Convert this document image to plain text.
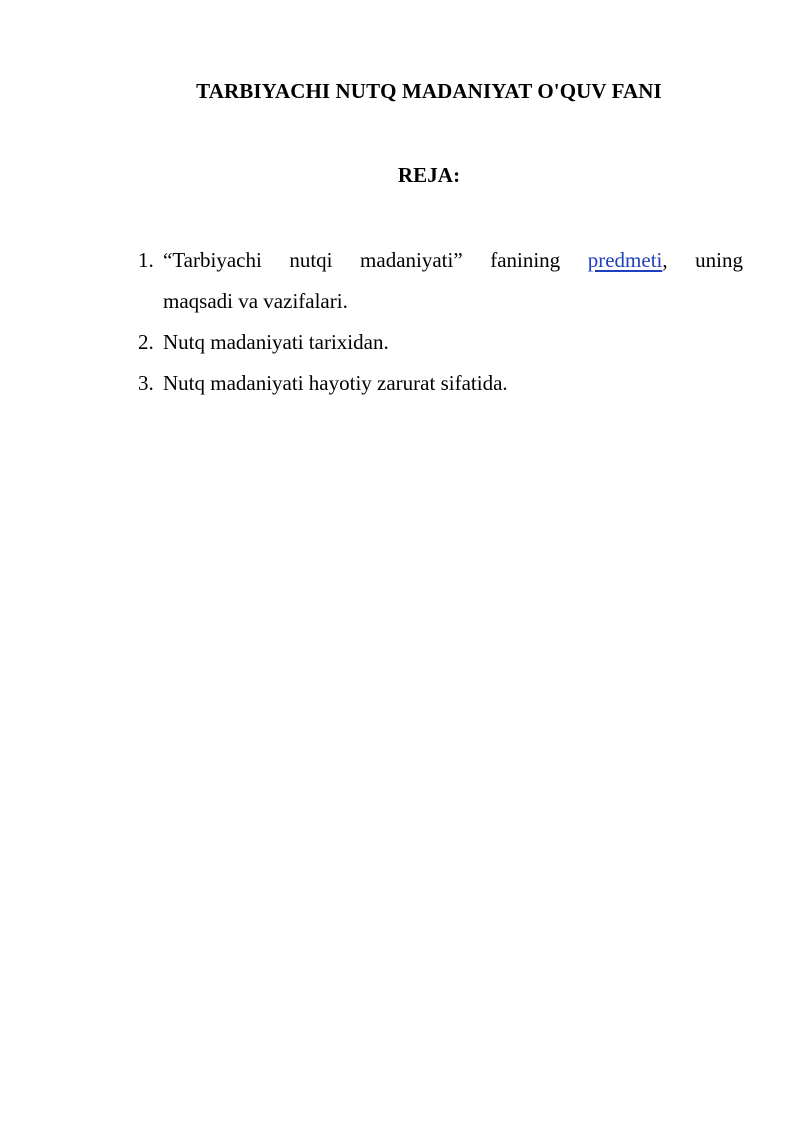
TARBIYACHI NUTQ MADANIYAT O'QUV FANI
REJA:
1. “Tarbiyachi nutqi madaniyati” fanining predmeti, uning
maqsadi va vazifalari.
2. Nutq madaniyati tarixidan.
3. Nutq madaniyati hayotiy zarurat sifatida.
